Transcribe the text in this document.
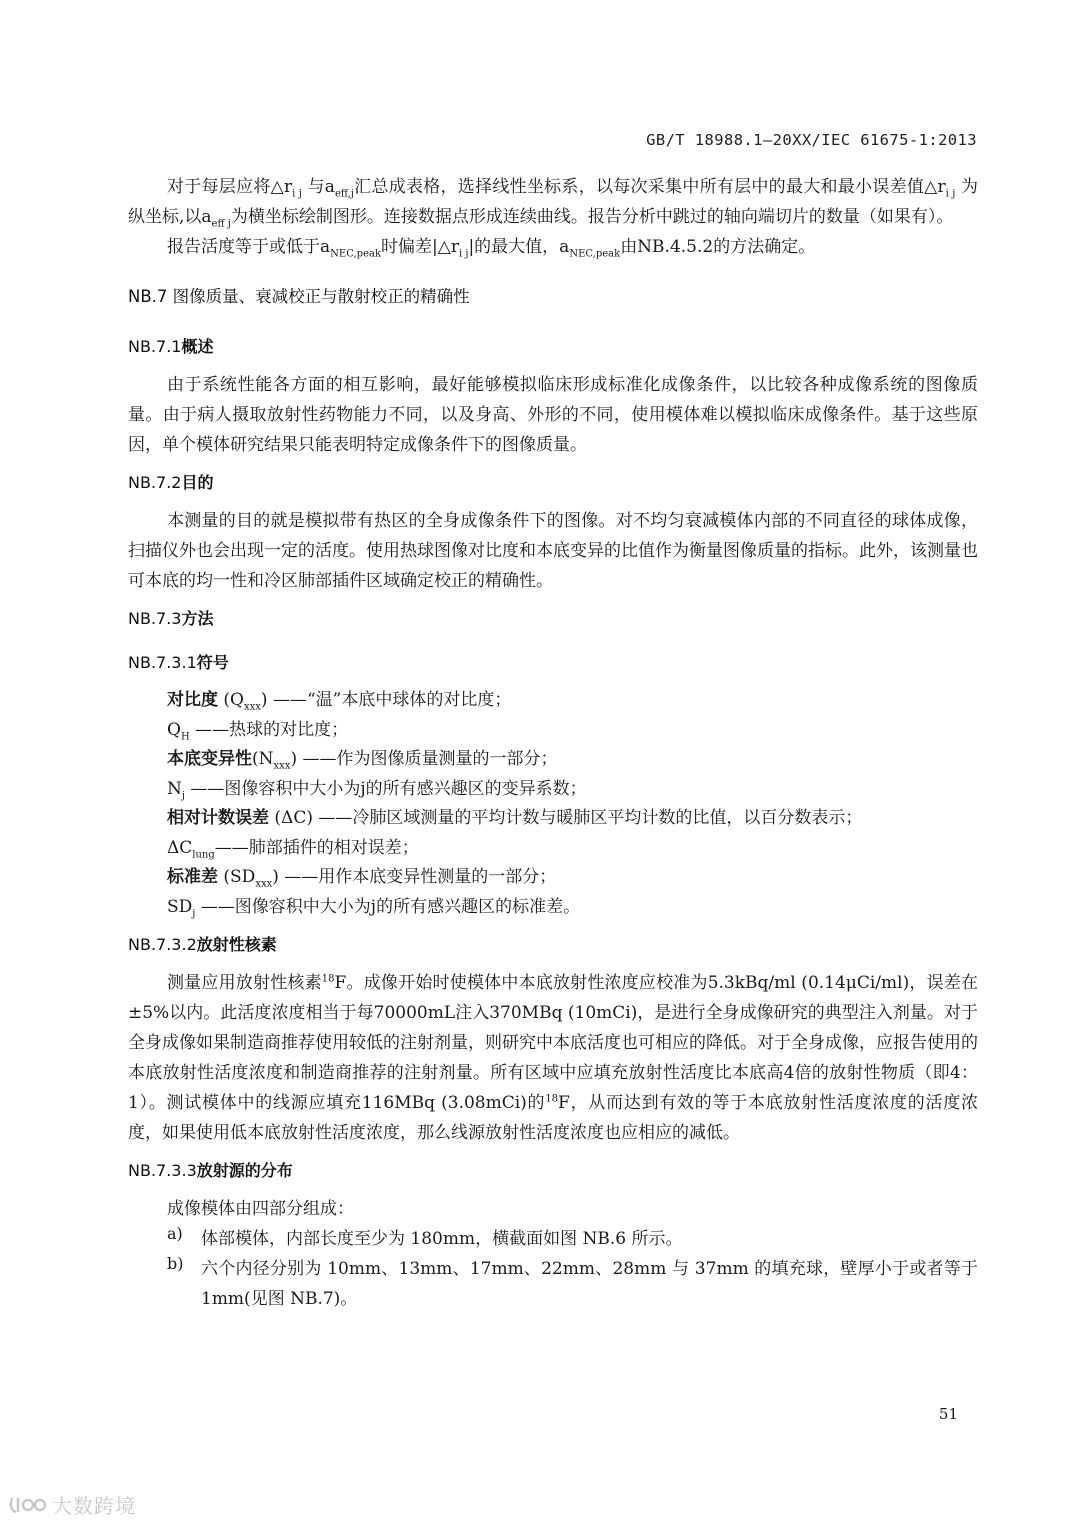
GB/T 18988.1—20XX/IEC 61675-1:2013

对于每层应将$\triangle r_{i j}$ 与$a_{eff,j}$汇总成表格，选择线性坐标系，以每次采集中所有层中的最大和最小误差值$\triangle r_{i j}$ 为纵坐标,以$a_{eff j}$为横坐标绘制图形。连接数据点形成连续曲线。报告分析中跳过的轴向端切片的数量（如果有）。

报告活度等于或低于$a_{NEC,peak}$时偏差$|\triangle r_{i j}|$的最大值，$a_{NEC,peak}$由NB.4.5.2的方法确定。

NB.7 图像质量、衰减校正与散射校正的精确性

NB.7.1概述

由于系统性能各方面的相互影响，最好能够模拟临床形成标准化成像条件，以比较各种成像系统的图像质量。由于病人摄取放射性药物能力不同，以及身高、外形的不同，使用模体难以模拟临床成像条件。基于这些原因，单个模体研究结果只能表明特定成像条件下的图像质量。

NB.7.2目的

本测量的目的就是模拟带有热区的全身成像条件下的图像。对不均匀衰减模体内部的不同直径的球体成像，扫描仪外也会出现一定的活度。使用热球图像对比度和本底变异的比值作为衡量图像质量的指标。此外，该测量也可本底的均一性和冷区肺部插件区域确定校正的精确性。

NB.7.3方法

NB.7.3.1符号

对比度 $(Q_{xxx})$ ——“温”本底中球体的对比度；

$Q_H$ ——热球的对比度；

本底变异性$(N_{xxx})$ ——作为图像质量测量的一部分；

$N_j$ ——图像容积中大小为j的所有感兴趣区的变异系数；

相对计数误差 (ΔC) ——冷肺区域测量的平均计数与暖肺区平均计数的比值，以百分数表示；

$\Delta C_{lung}——$肺部插件的相对误差；

标准差 $(SD_{xxx})$ ——用作本底变异性测量的一部分；

$SD_j$ ——图像容积中大小为j的所有感兴趣区的标准差。

NB.7.3.2放射性核素

测量应用放射性核素$^{18}$F。成像开始时使模体中本底放射性浓度应校准为5.3kBq/ml (0.14μCi/ml)，误差在±5%以内。此活度浓度相当于每70000mL注入370MBq (10mCi)，是进行全身成像研究的典型注入剂量。对于全身成像如果制造商推荐使用较低的注射剂量，则研究中本底活度也可相应的降低。对于全身成像，应报告使用的本底放射性活度浓度和制造商推荐的注射剂量。所有区域中应填充放射性活度比本底高4倍的放射性物质（即4：1）。测试模体中的线源应填充116MBq (3.08mCi)的$^{18}$F，从而达到有效的等于本底放射性活度浓度的活度浓度，如果使用低本底放射性活度浓度，那么线源放射性活度浓度也应相应的减低。

NB.7.3.3放射源的分布

成像模体由四部分组成：

a)	体部模体，内部长度至少为 180mm，横截面如图 NB.6 所示。

b)	六个内径分别为 10mm、13mm、17mm、22mm、28mm 与 37mm 的填充球，壁厚小于或者等于 1mm(见图 NB.7)。

51
大数跨境
